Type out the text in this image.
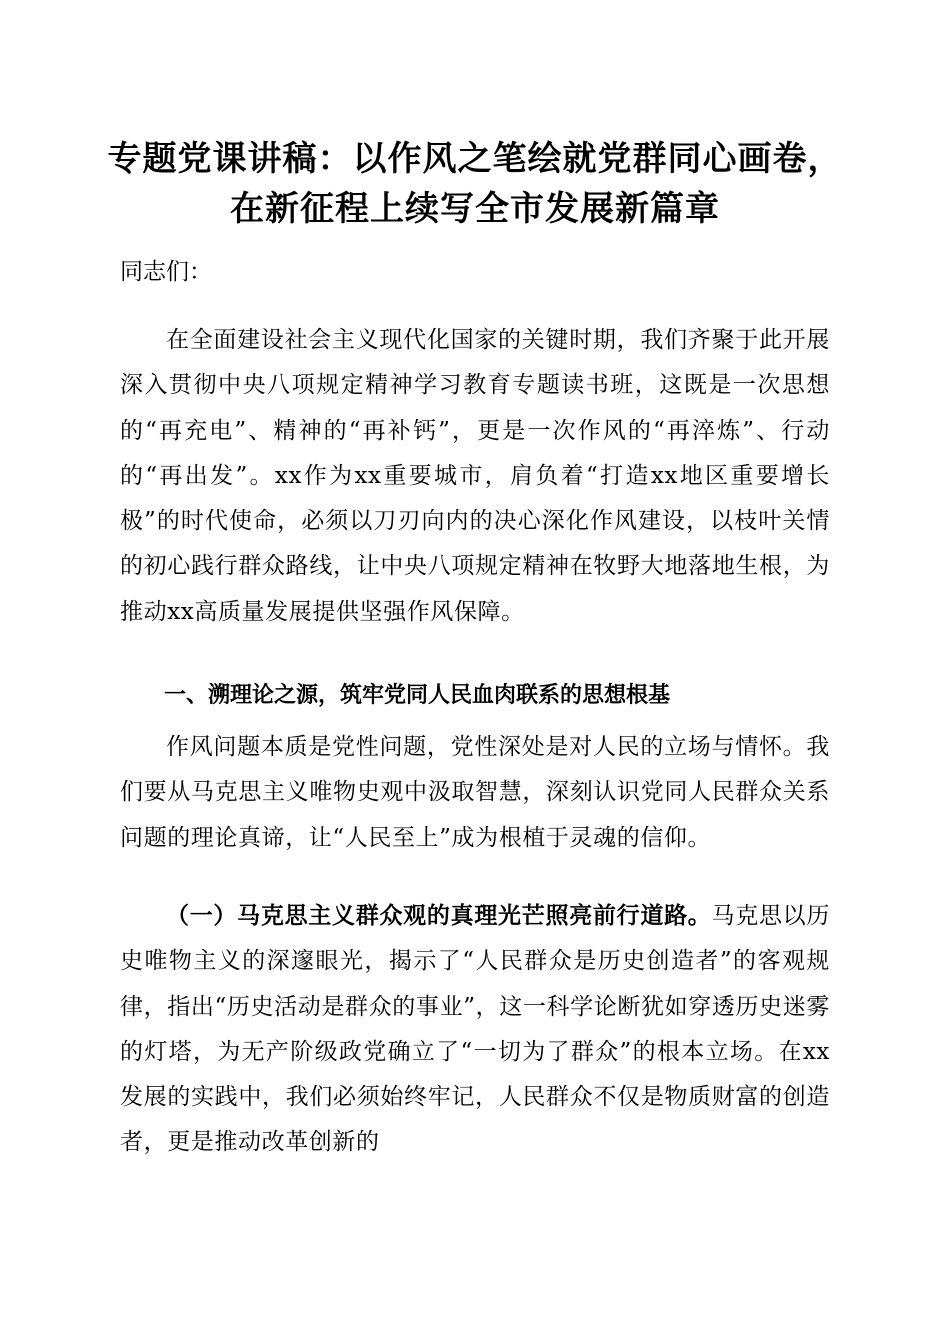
专题党课讲稿：以作风之笔绘就党群同心画卷，
在新征程上续写全市发展新篇章
同志们：
在全面建设社会主义现代化国家的关键时期，我们齐聚于此开展深入贯彻中央八项规定精神学习教育专题读书班，这既是一次思想的“再充电”、精神的“再补钙”，更是一次作风的“再淬炼”、行动的“再出发”。xx作为xx重要城市，肩负着“打造xx地区重要增长极”的时代使命，必须以刀刃向内的决心深化作风建设，以枝叶关情的初心践行群众路线，让中央八项规定精神在牧野大地落地生根，为推动xx高质量发展提供坚强作风保障。
一、溯理论之源，筑牢党同人民血肉联系的思想根基
作风问题本质是党性问题，党性深处是对人民的立场与情怀。我们要从马克思主义唯物史观中汲取智慧，深刻认识党同人民群众关系问题的理论真谛，让“人民至上”成为根植于灵魂的信仰。
（一）马克思主义群众观的真理光芒照亮前行道路。马克思以历史唯物主义的深邃眼光，揭示了“人民群众是历史创造者”的客观规律，指出“历史活动是群众的事业”，这一科学论断犹如穿透历史迷雾的灯塔，为无产阶级政党确立了“一切为了群众”的根本立场。在xx发展的实践中，我们必须始终牢记，人民群众不仅是物质财富的创造者，更是推动改革创新的
